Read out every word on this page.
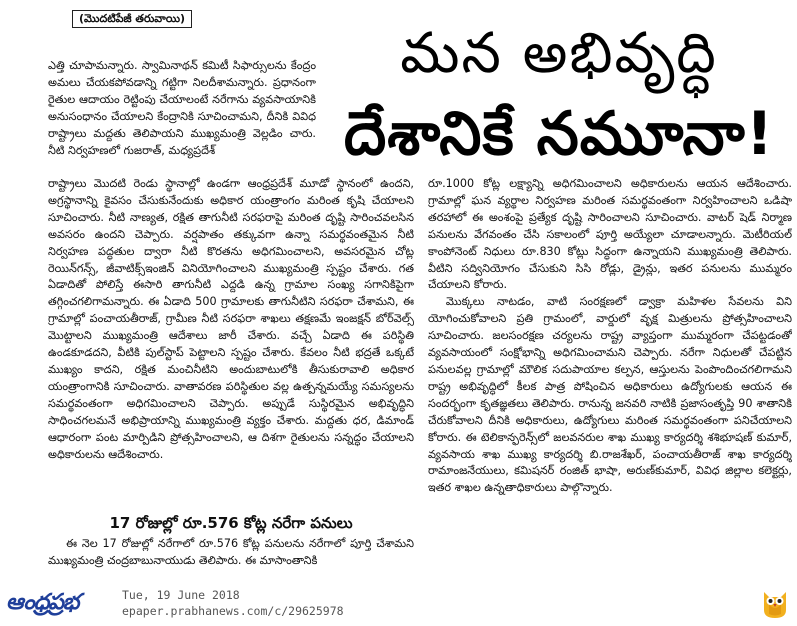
(మొదటిపేజీ తరువాయి)

ఎత్తి చూపామన్నారు. స్వామినాథన్ కమిటీ సిఫార్సులను కేంద్రం అమలు చేయకపోవడాన్ని గట్టిగా నిలదీశామన్నారు. ప్రధానంగా రైతుల ఆదాయం రెట్టింపు చేయాలంటే నరేగాను వ్యవసాయానికి అనుసంధానం చేయాలని కేంద్రానికి సూచించామని, దీనికి వివిధ రాష్ట్రాలు మద్దతు తెలిపాయని ముఖ్యమంత్రి వెల్లడిం చారు. నీటి నిర్వహణలో గుజరాత్, మధ్యప్రదేశ్

మన అభివృద్ధి
దేశానికే నమూనా!

రాష్ట్రాలు మొదటి రెండు స్థానాల్లో ఉండగా ఆంధ్రప్రదేశ్ మూడో స్థానంలో ఉందని, అగ్రస్థానాన్ని కైవసం చేసుకునేందుకు అధికార యంత్రాంగం మరింత కృషి చేయాలని సూచించారు. నీటి నాణ్యత, రక్షిత తాగునీటి సరఫరాపై మరింత దృష్టి సారించవలసిన అవసరం ఉందని చెప్పారు. వర్షపాతం తక్కువగా ఉన్నా సమర్థవంతమైన నీటి నిర్వహణ పద్ధతుల ద్వారా నీటి కొరతను అధిగమించాలని, అవసరమైన చోట్ల రెయిన్‌గన్స్, జీవాటిక్స్ఇంజిన్ వినియోగించాలని ముఖ్యమంత్రి స్పష్టం చేశారు. గత ఏడాదితో పోలిస్తే ఈసారి తాగునీటి ఎద్దడి ఉన్న గ్రామాల సంఖ్య సగానికిపైగా తగ్గించగలిగామన్నారు. ఈ ఏడాది 500 గ్రామాలకు తాగునీటిని సరఫరా చేశామని, ఈ గ్రామాల్లో పంచాయతీరాజ్, గ్రామీణ నీటి సరఫరా శాఖలు తక్షణమే ఇంజక్షన్ బోర్‌వెల్స్ మొట్టాలని ముఖ్యమంత్రి ఆదేశాలు జారీ చేశారు. వచ్చే ఏడాది ఈ పరిస్థితి ఉండకూడదని, వీటికి పుల్‌స్టాప్ పెట్టాలని స్పష్టం చేశారు. కేవలం నీటి భద్రతే ఒక్కటే ముఖ్యం కాదని, రక్షిత మంచినీటిని అందుబాటులోకి తీసుకురావాలి అధికార యంత్రాంగానికి సూచించారు. వాతావరణ పరిస్థితుల వల్ల ఉత్పన్నమయ్యే సమస్యలను సమర్థవంతంగా అధిగమించాలని చెప్పారు. అప్పుడే సుస్థిరమైన అభివృద్ధిని సాధించగలమనే అభిప్రాయాన్ని ముఖ్యమంత్రి వ్యక్తం చేశారు. మద్దతు ధర, డిమాండ్ ఆధారంగా పంట మార్పిడిని ప్రోత్సహించాలని, ఆ దిశగా రైతులను సన్నద్ధం చేయాలని అధికారులను ఆదేశించారు.

17 రోజుల్లో రూ.576 కోట్ల నరేగా పనులు

ఈ నెల 17 రోజుల్లో నరేగాలో రూ.576 కోట్ల పనులను నరేగాలో పూర్తి చేశామని ముఖ్యమంత్రి చంద్రబాబునాయుడు తెలిపారు. ఈ మాసాంతానికి

రూ.1000 కోట్ల లక్ష్యాన్ని అధిగమించాలని అధికారులను ఆయన ఆదేశించారు. గ్రామాల్లో ఘన వ్యర్థాల నిర్వహణ మరింత సమర్థవంతంగా నిర్వహించాలని ఒడిషా తరహాలో ఈ అంశంపై ప్రత్యేక దృష్టి సారించాలని సూచించారు. వాటర్ షెడ్ నిర్మాణ పనులను వేగవంతం చేసి సకాలంలో పూర్తి అయ్యేలా చూడాలన్నారు. మెటీరియల్ కాంపోనెంట్ నిధులు రూ.830 కోట్లు సిద్ధంగా ఉన్నాయని ముఖ్యమంత్రి తెలిపారు. వీటిని సద్వినియోగం చేసుకుని సిసి రోడ్లు, డ్రైన్లు, ఇతర పనులను ముమ్మరం చేయాలని కోరారు.

మొక్కలు నాటడం, వాటి సంరక్షణలో డ్వాక్రా మహిళల సేవలను విని యోగించుకోవాలని ప్రతి గ్రామంలో, వార్డులో వృక్ష మిత్రులను ప్రోత్సహించాలని సూచించారు. జలసంరక్షణ చర్యలను రాష్ట్ర వ్యాప్తంగా ముమ్మరంగా చేపట్టడంతో వ్యవసాయంలో సంక్షోభాన్ని అధిగమించామని చెప్పారు. నరేగా నిధులతో చేపట్టిన పనులవల్ల గ్రామాల్లో మౌలిక సదుపాయాల కల్పన, ఆస్తులను పెంపొందించగలిగామని రాష్ట్ర అభివృద్ధిలో కీలక పాత్ర పోషించిన అధికారులు ఉద్యోగులకు ఆయన ఈ సందర్భంగా కృతజ్ఞతలు తెలిపారు. రానున్న జనవరి నాటికి ప్రజాసంతృప్తి 90 శాతానికి చేరుకోవాలని దీనికి అధికారులు, ఉద్యోగులు మరింత సమర్థవంతంగా పనిచేయాలని కోరారు. ఈ టెలికాన్ఫరెన్స్‌లో జలవనరుల శాఖ ముఖ్య కార్యదర్శి శశిభూషణ్ కుమార్, వ్యవసాయ శాఖ ముఖ్య కార్యదర్శి బి.రాజశేఖర్, పంచాయతీరాజ్ శాఖ కార్యదర్శి రామాంజనేయులు, కమిషనర్ రంజిత్ భాషా, అరుణ్‌కుమార్, వివిధ జిల్లాల కలెక్టర్లు, ఇతర శాఖల ఉన్నతాధికారులు పాల్గొన్నారు.

ఆంధ్రప్రభ	Tue, 19 June 2018
epaper.prabhanews.com/c/29625978
